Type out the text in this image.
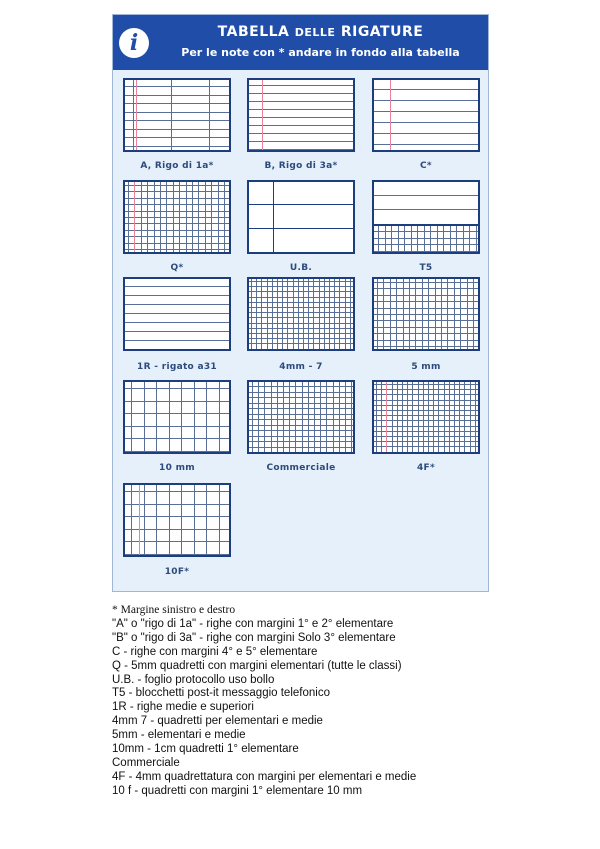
i	TABELLA DELLE RIGATURE
Per le note con * andare in fondo alla tabella
A, Rigo di 1a*	B, Rigo di 3a*	C*
Q*	U.B.	T5
1R - rigato a31	4mm - 7	5 mm
10 mm	Commerciale	4F*
10F*
* Margine sinistro e destro
"A" o "rigo di 1a" - righe con margini 1° e 2° elementare
"B" o "rigo di 3a" - righe con margini Solo 3° elementare
C - righe con margini 4° e 5° elementare
Q - 5mm quadretti con margini elementari (tutte le classi)
U.B. - foglio protocollo uso bollo
T5 - blocchetti post-it messaggio telefonico
1R - righe medie e superiori
4mm 7 - quadretti per elementari e medie
5mm - elementari e medie
10mm - 1cm quadretti 1° elementare
Commerciale
4F - 4mm quadrettatura con margini per elementari e medie
10 f - quadretti con margini 1° elementare 10 mm
